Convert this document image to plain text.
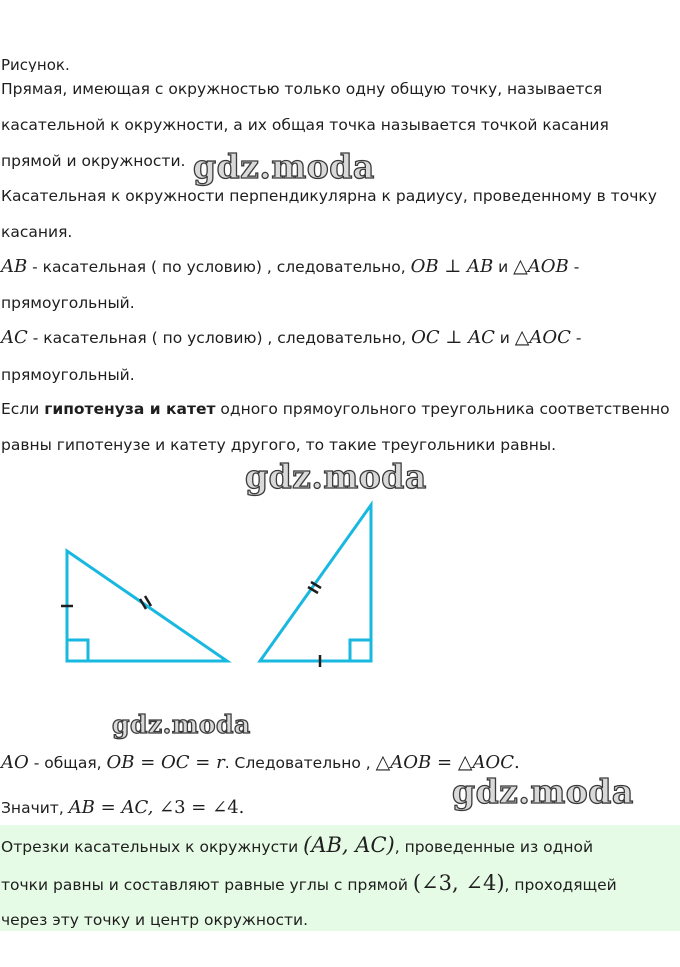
Рисунок.
Прямая, имеющая с окружностью только одну общую точку, называется
касательной к окружности, а их общая точка называется точкой касания
прямой и окружности.
Касательная к окружности перпендикулярна к радиусу, проведенному в точку
касания.
AB - касательная ( по условию) , следовательно, OB ⊥ AB и △AOB -
прямоугольный.
AC - касательная ( по условию) , следовательно, OC ⊥ AC и △AOC -
прямоугольный.
Если гипотенуза и катет одного прямоугольного треугольника соответственно
равны гипотенузе и катету другого, то такие треугольники равны.
gdz.moda
gdz.moda
gdz.moda
gdz.moda
AO - общая, OB = OC = r. Следовательно , △AOB = △AOC.
Значит, AB = AC, ∠3 = ∠4.
Отрезки касательных к окружнусти (AB, AC), проведенные из одной
точки равны и составляют равные углы с прямой (∠3, ∠4), проходящей
через эту точку и центр окружности.
